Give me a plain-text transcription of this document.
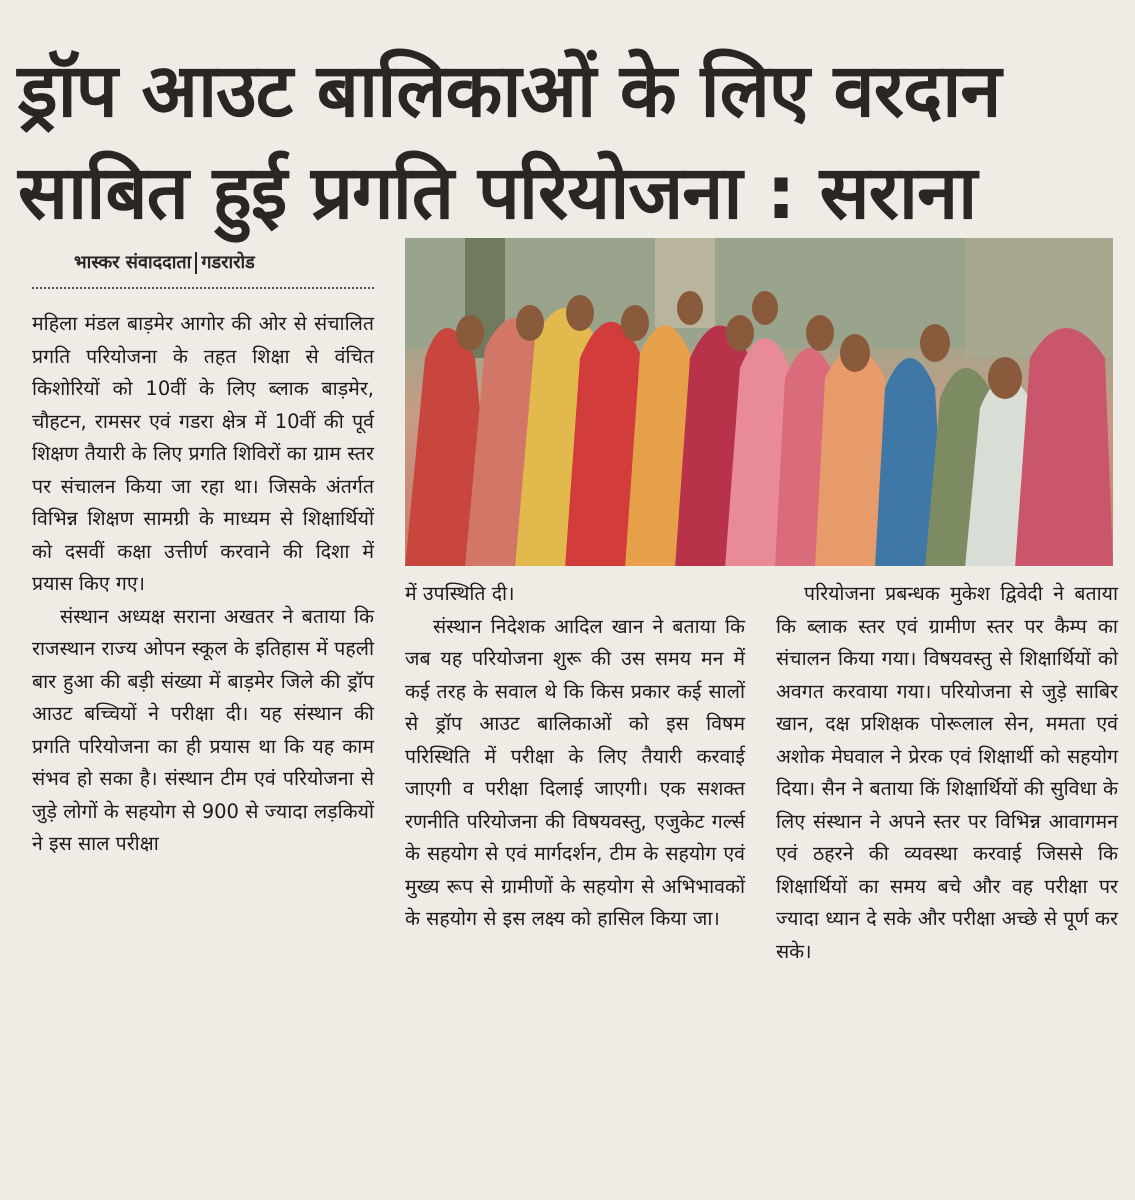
ड्रॉप आउट बालिकाओं के लिए वरदान
साबित हुई प्रगति परियोजना : सराना
भास्कर संवाददाता गडरारोड

महिला मंडल बाड़मेर आगोर की ओर से संचालित प्रगति परियोजना के तहत शिक्षा से वंचित किशोरियों को 10वीं के लिए ब्लाक बाड़मेर, चौहटन, रामसर एवं गडरा क्षेत्र में 10वीं की पूर्व शिक्षण तैयारी के लिए प्रगति शिविरों का ग्राम स्तर पर संचालन किया जा रहा था। जिसके अंतर्गत विभिन्न शिक्षण सामग्री के माध्यम से शिक्षार्थियों को दसवीं कक्षा उत्तीर्ण करवाने की दिशा में प्रयास किए गए।

संस्थान अध्यक्ष सराना अखतर ने बताया कि राजस्थान राज्य ओपन स्कूल के इतिहास में पहली बार हुआ की बड़ी संख्या में बाड़मेर जिले की ड्रॉप आउट बच्चियों ने परीक्षा दी। यह संस्थान की प्रगति परियोजना का ही प्रयास था कि यह काम संभव हो सका है। संस्थान टीम एवं परियोजना से जुड़े लोगों के सहयोग से 900 से ज्यादा लड़कियों ने इस साल परीक्षा

में उपस्थिति दी।

संस्थान निदेशक आदिल खान ने बताया कि जब यह परियोजना शुरू की उस समय मन में कई तरह के सवाल थे कि किस प्रकार कई सालों से ड्रॉप आउट बालिकाओं को इस विषम परिस्थिति में परीक्षा के लिए तैयारी करवाई जाएगी व परीक्षा दिलाई जाएगी। एक सशक्त रणनीति परियोजना की विषयवस्तु, एजुकेट गर्ल्स के सहयोग से एवं मार्गदर्शन, टीम के सहयोग एवं मुख्य रूप से ग्रामीणों के सहयोग से अभिभावकों के सहयोग से इस लक्ष्य को हासिल किया जा।

परियोजना प्रबन्धक मुकेश द्विवेदी ने बताया कि ब्लाक स्तर एवं ग्रामीण स्तर पर कैम्प का संचालन किया गया। विषयवस्तु से शिक्षार्थियों को अवगत करवाया गया। परियोजना से जुड़े साबिर खान, दक्ष प्रशिक्षक पोरूलाल सेन, ममता एवं अशोक मेघवाल ने प्रेरक एवं शिक्षार्थी को सहयोग दिया। सैन ने बताया किं शिक्षार्थियों की सुविधा के लिए संस्थान ने अपने स्तर पर विभिन्न आवागमन एवं ठहरने की व्यवस्था करवाई जिससे कि शिक्षार्थियों का समय बचे और वह परीक्षा पर ज्यादा ध्यान दे सके और परीक्षा अच्छे से पूर्ण कर सके।
